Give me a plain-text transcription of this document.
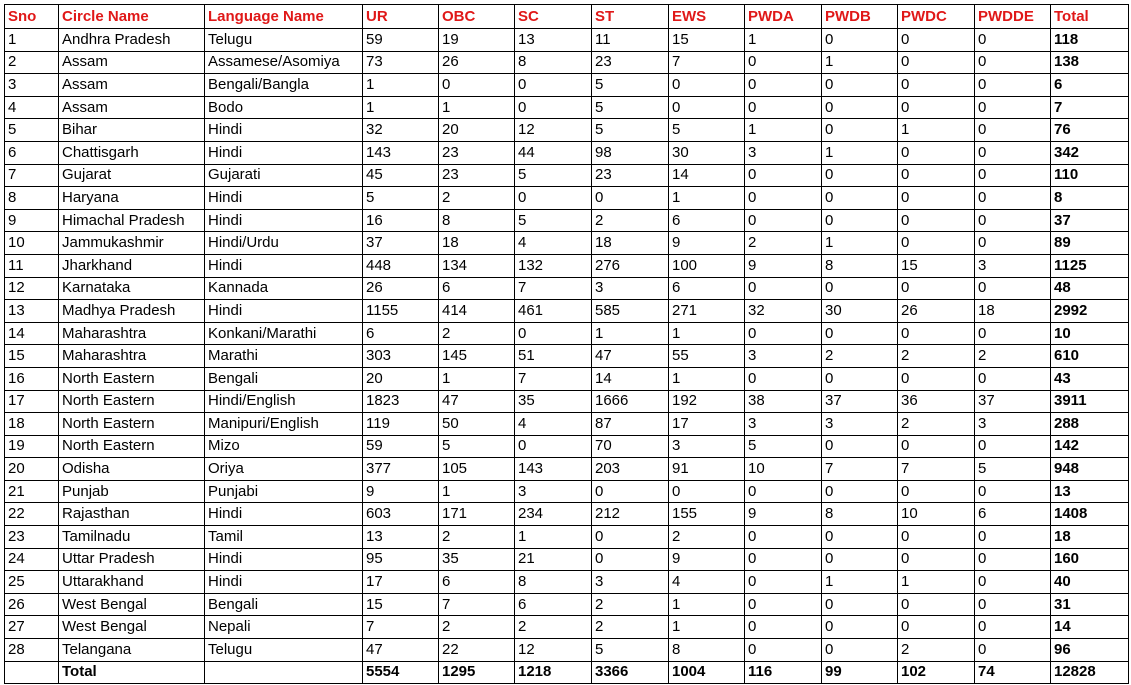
Sno	Circle Name	Language Name	UR	OBC	SC	ST	EWS	PWDA	PWDB	PWDC	PWDDE	Total
1	Andhra Pradesh	Telugu	59	19	13	11	15	1	0	0	0	118
2	Assam	Assamese/Asomiya	73	26	8	23	7	0	1	0	0	138
3	Assam	Bengali/Bangla	1	0	0	5	0	0	0	0	0	6
4	Assam	Bodo	1	1	0	5	0	0	0	0	0	7
5	Bihar	Hindi	32	20	12	5	5	1	0	1	0	76
6	Chattisgarh	Hindi	143	23	44	98	30	3	1	0	0	342
7	Gujarat	Gujarati	45	23	5	23	14	0	0	0	0	110
8	Haryana	Hindi	5	2	0	0	1	0	0	0	0	8
9	Himachal Pradesh	Hindi	16	8	5	2	6	0	0	0	0	37
10	Jammukashmir	Hindi/Urdu	37	18	4	18	9	2	1	0	0	89
11	Jharkhand	Hindi	448	134	132	276	100	9	8	15	3	1125
12	Karnataka	Kannada	26	6	7	3	6	0	0	0	0	48
13	Madhya Pradesh	Hindi	1155	414	461	585	271	32	30	26	18	2992
14	Maharashtra	Konkani/Marathi	6	2	0	1	1	0	0	0	0	10
15	Maharashtra	Marathi	303	145	51	47	55	3	2	2	2	610
16	North Eastern	Bengali	20	1	7	14	1	0	0	0	0	43
17	North Eastern	Hindi/English	1823	47	35	1666	192	38	37	36	37	3911
18	North Eastern	Manipuri/English	119	50	4	87	17	3	3	2	3	288
19	North Eastern	Mizo	59	5	0	70	3	5	0	0	0	142
20	Odisha	Oriya	377	105	143	203	91	10	7	7	5	948
21	Punjab	Punjabi	9	1	3	0	0	0	0	0	0	13
22	Rajasthan	Hindi	603	171	234	212	155	9	8	10	6	1408
23	Tamilnadu	Tamil	13	2	1	0	2	0	0	0	0	18
24	Uttar Pradesh	Hindi	95	35	21	0	9	0	0	0	0	160
25	Uttarakhand	Hindi	17	6	8	3	4	0	1	1	0	40
26	West Bengal	Bengali	15	7	6	2	1	0	0	0	0	31
27	West Bengal	Nepali	7	2	2	2	1	0	0	0	0	14
28	Telangana	Telugu	47	22	12	5	8	0	0	2	0	96
	Total		5554	1295	1218	3366	1004	116	99	102	74	12828
